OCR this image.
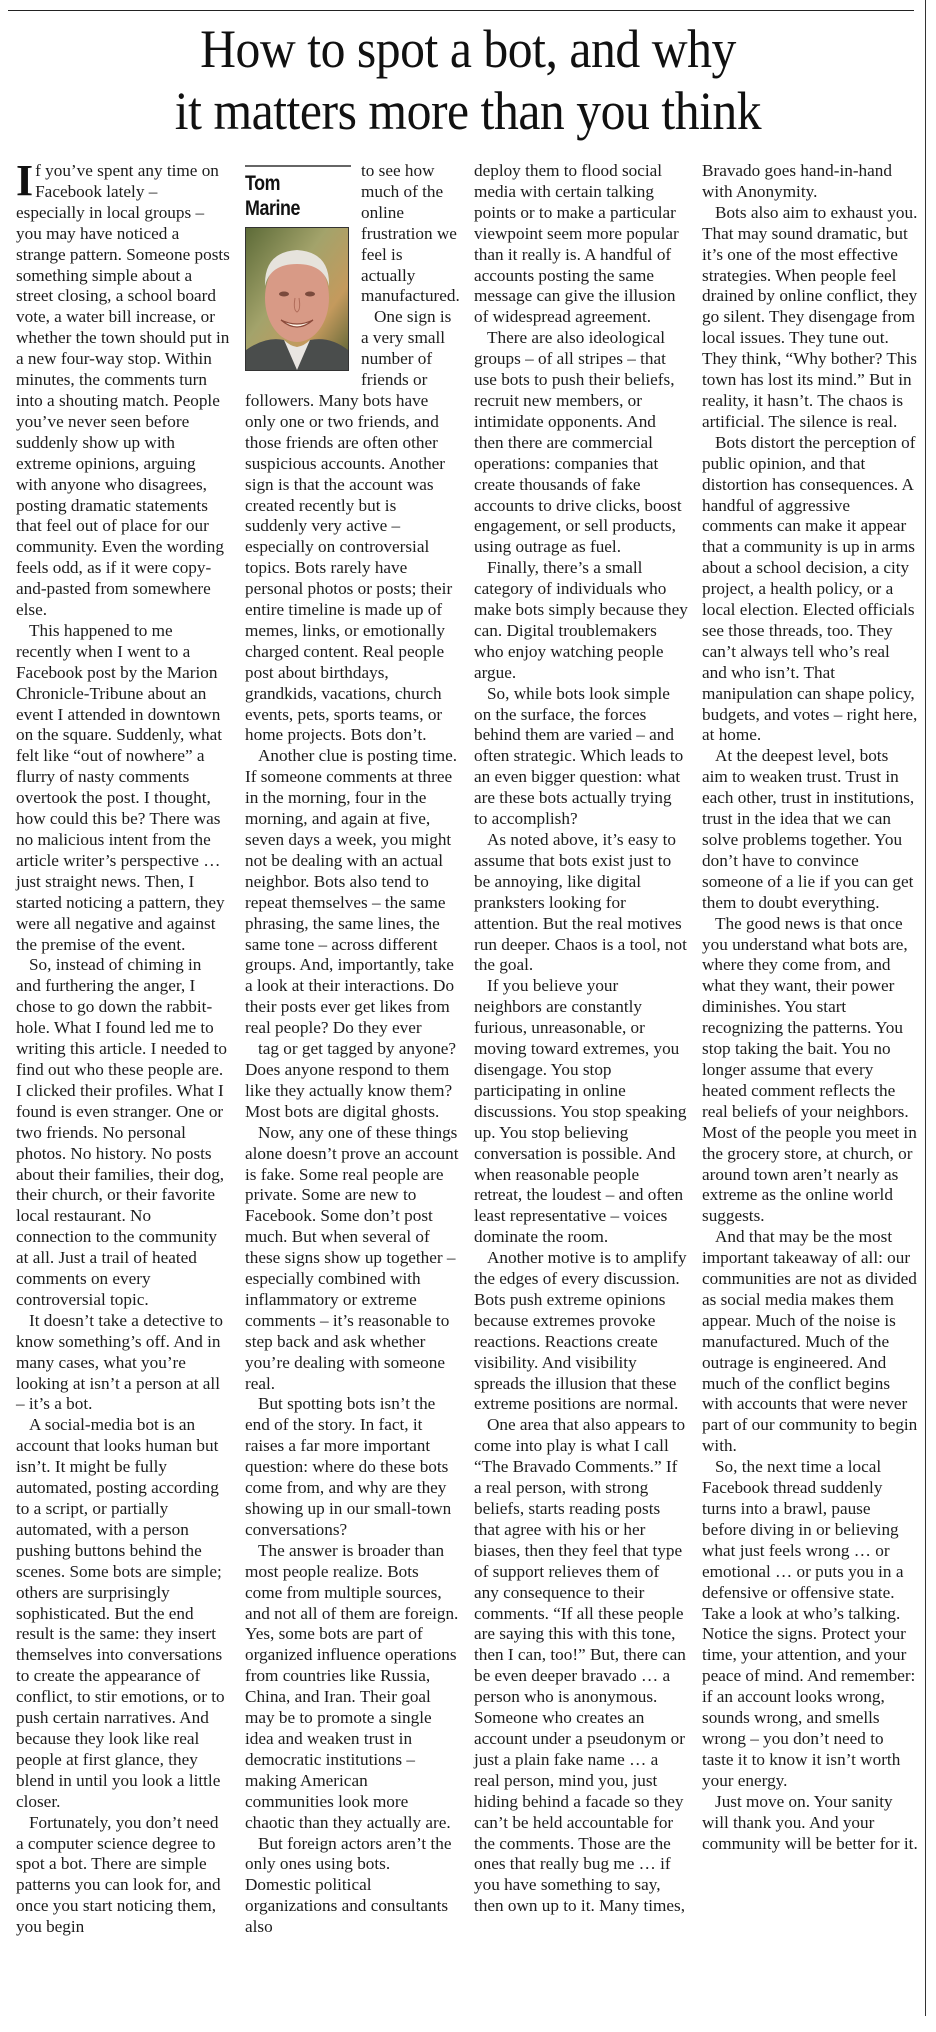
How to spot a bot, and why
it matters more than you think

If you’ve spent any time on Facebook lately – especially in local groups – you may have noticed a strange pattern. Someone posts something simple about a street closing, a school board vote, a water bill increase, or whether the town should put in a new four-way stop. Within minutes, the comments turn into a shouting match. People you’ve never seen before suddenly show up with extreme opinions, arguing with anyone who disagrees, posting dramatic statements that feel out of place for our community. Even the wording feels odd, as if it were copy-and-pasted from somewhere else.

This happened to me recently when I went to a Facebook post by the Marion Chronicle-Tribune about an event I attended in downtown on the square. Suddenly, what felt like “out of nowhere” a flurry of nasty comments overtook the post. I thought, how could this be? There was no malicious intent from the article writer’s perspective … just straight news. Then, I started noticing a pattern, they were all negative and against the premise of the event.

So, instead of chiming in and furthering the anger, I chose to go down the rabbit-hole. What I found led me to writing this article. I needed to find out who these people are. I clicked their profiles. What I found is even stranger. One or two friends. No personal photos. No history. No posts about their families, their dog, their church, or their favorite local restaurant. No connection to the community at all. Just a trail of heated comments on every controversial topic.

It doesn’t take a detective to know something’s off. And in many cases, what you’re looking at isn’t a person at all – it’s a bot.

A social-media bot is an account that looks human but isn’t. It might be fully automated, posting according to a script, or partially automated, with a person pushing buttons behind the scenes. Some bots are simple; others are surprisingly sophisticated. But the end result is the same: they insert themselves into conversations to create the appearance of conflict, to stir emotions, or to push certain narratives. And because they look like real people at first glance, they blend in until you look a little closer.

Fortunately, you don’t need a computer science degree to spot a bot. There are simple patterns you can look for, and once you start noticing them, you begin

Tom
Marine

to see how much of the online frustration we feel is actually manufactured.

One sign is a very small number of friends or followers. Many bots have only one or two friends, and those friends are often other suspicious accounts. Another sign is that the account was created recently but is suddenly very active – especially on controversial topics. Bots rarely have personal photos or posts; their entire timeline is made up of memes, links, or emotionally charged content. Real people post about birthdays, grandkids, vacations, church events, pets, sports teams, or home projects. Bots don’t.

Another clue is posting time. If someone comments at three in the morning, four in the morning, and again at five, seven days a week, you might not be dealing with an actual neighbor. Bots also tend to repeat themselves – the same phrasing, the same lines, the same tone – across different groups. And, importantly, take a look at their interactions. Do their posts ever get likes from real people? Do they ever

tag or get tagged by anyone? Does anyone respond to them like they actually know them? Most bots are digital ghosts.

Now, any one of these things alone doesn’t prove an account is fake. Some real people are private. Some are new to Facebook. Some don’t post much. But when several of these signs show up together – especially combined with inflammatory or extreme comments – it’s reasonable to step back and ask whether you’re dealing with someone real.

But spotting bots isn’t the end of the story. In fact, it raises a far more important question: where do these bots come from, and why are they showing up in our small-town conversations?

The answer is broader than most people realize. Bots come from multiple sources, and not all of them are foreign. Yes, some bots are part of organized influence operations from countries like Russia, China, and Iran. Their goal may be to promote a single idea and weaken trust in democratic institutions – making American communities look more chaotic than they actually are.

But foreign actors aren’t the only ones using bots. Domestic political organizations and consultants also

deploy them to flood social media with certain talking points or to make a particular viewpoint seem more popular than it really is. A handful of accounts posting the same message can give the illusion of widespread agreement.

There are also ideological groups – of all stripes – that use bots to push their beliefs, recruit new members, or intimidate opponents. And then there are commercial operations: companies that create thousands of fake accounts to drive clicks, boost engagement, or sell products, using outrage as fuel.

Finally, there’s a small category of individuals who make bots simply because they can. Digital troublemakers who enjoy watching people argue.

So, while bots look simple on the surface, the forces behind them are varied – and often strategic. Which leads to an even bigger question: what are these bots actually trying to accomplish?

As noted above, it’s easy to assume that bots exist just to be annoying, like digital pranksters looking for attention. But the real motives run deeper. Chaos is a tool, not the goal.

If you believe your neighbors are constantly furious, unreasonable, or moving toward extremes, you disengage. You stop participating in online discussions. You stop speaking up. You stop believing conversation is possible. And when reasonable people retreat, the loudest – and often least representative – voices dominate the room.

Another motive is to amplify the edges of every discussion. Bots push extreme opinions because extremes provoke reactions. Reactions create visibility. And visibility spreads the illusion that these extreme positions are normal.

One area that also appears to come into play is what I call “The Bravado Comments.” If a real person, with strong beliefs, starts reading posts that agree with his or her biases, then they feel that type of support relieves them of any consequence to their comments. “If all these people are saying this with this tone, then I can, too!” But, there can be even deeper bravado … a person who is anonymous. Someone who creates an account under a pseudonym or just a plain fake name … a real person, mind you, just hiding behind a facade so they can’t be held accountable for the comments. Those are the ones that really bug me … if you have something to say, then own up to it. Many times,

Bravado goes hand-in-hand with Anonymity.

Bots also aim to exhaust you. That may sound dramatic, but it’s one of the most effective strategies. When people feel drained by online conflict, they go silent. They disengage from local issues. They tune out. They think, “Why bother? This town has lost its mind.” But in reality, it hasn’t. The chaos is artificial. The silence is real.

Bots distort the perception of public opinion, and that distortion has consequences. A handful of aggressive comments can make it appear that a community is up in arms about a school decision, a city project, a health policy, or a local election. Elected officials see those threads, too. They can’t always tell who’s real and who isn’t. That manipulation can shape policy, budgets, and votes – right here, at home.

At the deepest level, bots aim to weaken trust. Trust in each other, trust in institutions, trust in the idea that we can solve problems together. You don’t have to convince someone of a lie if you can get them to doubt everything.

The good news is that once you understand what bots are, where they come from, and what they want, their power diminishes. You start recognizing the patterns. You stop taking the bait. You no longer assume that every heated comment reflects the real beliefs of your neighbors. Most of the people you meet in the grocery store, at church, or around town aren’t nearly as extreme as the online world suggests.

And that may be the most important takeaway of all: our communities are not as divided as social media makes them appear. Much of the noise is manufactured. Much of the outrage is engineered. And much of the conflict begins with accounts that were never part of our community to begin with.

So, the next time a local Facebook thread suddenly turns into a brawl, pause before diving in or believing what just feels wrong … or emotional … or puts you in a defensive or offensive state. Take a look at who’s talking. Notice the signs. Protect your time, your attention, and your peace of mind. And remember: if an account looks wrong, sounds wrong, and smells wrong – you don’t need to taste it to know it isn’t worth your energy.

Just move on. Your sanity will thank you. And your community will be better for it.
